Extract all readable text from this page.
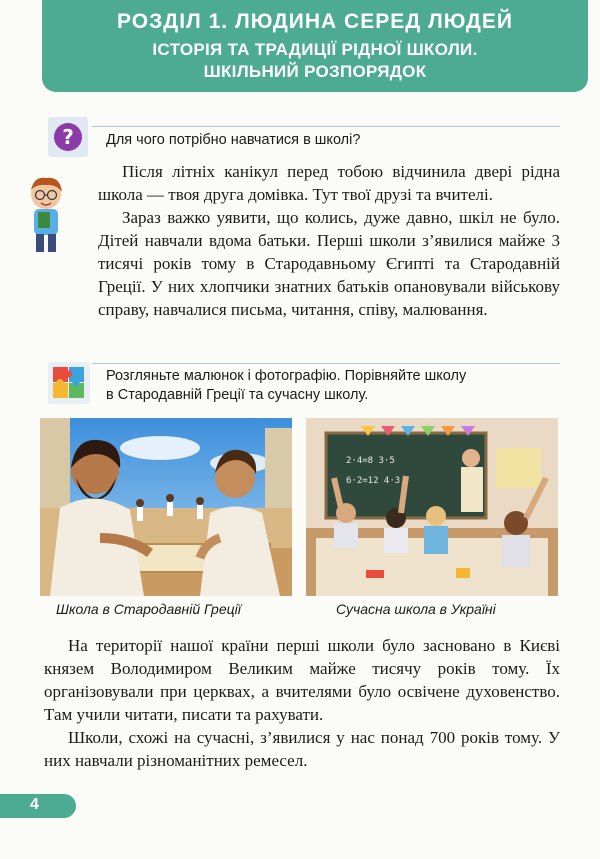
РОЗДІЛ 1. ЛЮДИНА СЕРЕД ЛЮДЕЙ
ІСТОРІЯ ТА ТРАДИЦІЇ РІДНОЇ ШКОЛИ.
ШКІЛЬНИЙ РОЗПОРЯДОК
?	Для чого потрібно навчатися в школі?

Після літніх канікул перед тобою відчинила двері рідна школа — твоя друга домівка. Тут твої друзі та вчителі.

Зараз важко уявити, що колись, дуже давно, шкіл не було. Дітей навчали вдома батьки. Перші школи з’явилися майже 3 тисячі років тому в Стародавньому Єгипті та Стародавній Греції. У них хлопчики знатних батьків опановували військову справу, навчалися письма, читання, співу, малювання.

Розгляньте малюнок і фотографію. Порівняйте школу
в Стародавній Греції та сучасну школу.
2·4=8 3·5
6·2=12 4·3
Школа в Стародавній Греції	Сучасна школа в Україні

На території нашої країни перші школи було засновано в Києві князем Володимиром Великим майже тисячу років тому. Їх організовували при церквах, а вчителями було освічене духовенство. Там учили читати, писати та рахувати.

Школи, схожі на сучасні, з’явилися у нас понад 700 років тому. У них навчали різноманітних ремесел.

4
